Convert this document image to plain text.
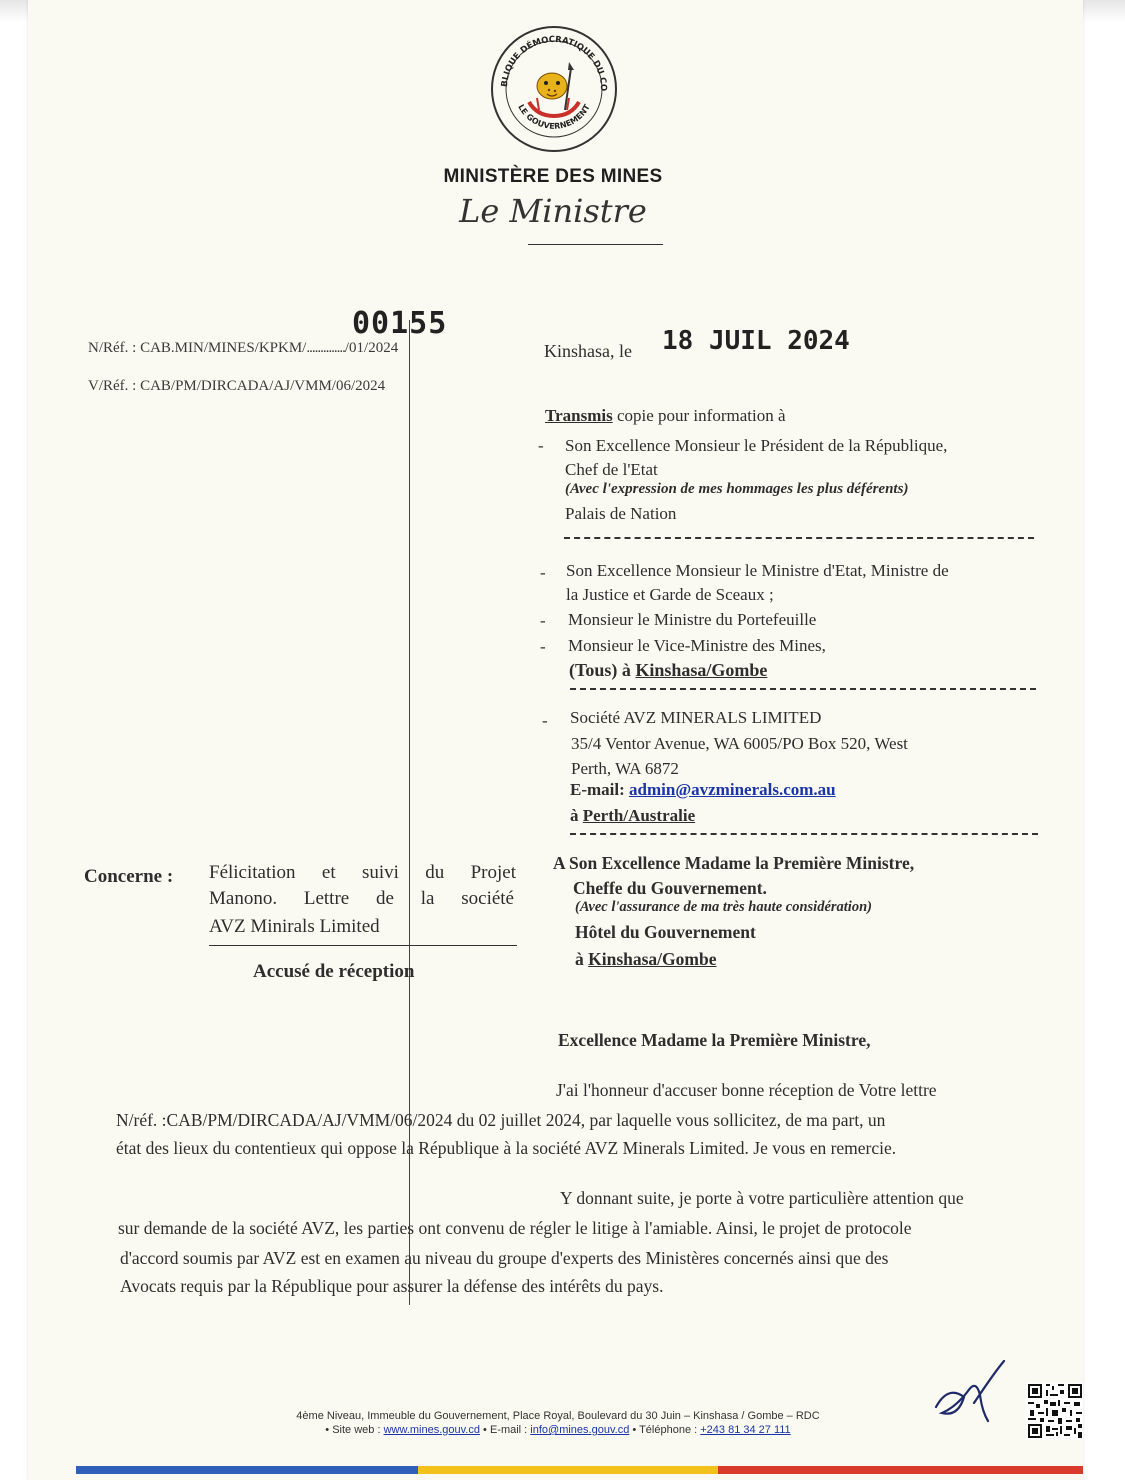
BLIQUE DÉMOCRATIQUE DU CO
LE GOUVERNEMENT
MINISTÈRE DES MINES
Le Ministre
N/Réf. : CAB.MIN/MINES/KPKM/............../01/2024
00155
V/Réf. : CAB/PM/DIRCADA/AJ/VMM/06/2024
Kinshasa, le 18 JUIL 2024
Transmis copie pour information à
- Son Excellence Monsieur le Président de la République,
Chef de l'Etat
(Avec l'expression de mes hommages les plus déférents)
Palais de Nation
- Son Excellence Monsieur le Ministre d'Etat, Ministre de
la Justice et Garde de Sceaux ;
- Monsieur le Ministre du Portefeuille
- Monsieur le Vice-Ministre des Mines,
(Tous) à Kinshasa/Gombe
- Société AVZ MINERALS LIMITED
35/4 Ventor Avenue, WA 6005/PO Box 520, West
Perth, WA 6872
E-mail: admin@avzminerals.com.au
à Perth/Australie
Concerne : Félicitation et suivi du Projet
Manono. Lettre de la société
AVZ Minirals Limited
Accusé de réception
A Son Excellence Madame la Première Ministre,
Cheffe du Gouvernement.
(Avec l'assurance de ma très haute considération)
Hôtel du Gouvernement
à Kinshasa/Gombe
Excellence Madame la Première Ministre,
J'ai l'honneur d'accuser bonne réception de Votre lettre
N/réf. :CAB/PM/DIRCADA/AJ/VMM/06/2024 du 02 juillet 2024, par laquelle vous sollicitez, de ma part, un
état des lieux du contentieux qui oppose la République à la société AVZ Minerals Limited. Je vous en remercie.
Y donnant suite, je porte à votre particulière attention que
sur demande de la société AVZ, les parties ont convenu de régler le litige à l'amiable. Ainsi, le projet de protocole
d'accord soumis par AVZ est en examen au niveau du groupe d'experts des Ministères concernés ainsi que des
Avocats requis par la République pour assurer la défense des intérêts du pays.
4ème Niveau, Immeuble du Gouvernement, Place Royal, Boulevard du 30 Juin – Kinshasa / Gombe – RDC
• Site web : www.mines.gouv.cd • E-mail : info@mines.gouv.cd • Téléphone : +243 81 34 27 111
